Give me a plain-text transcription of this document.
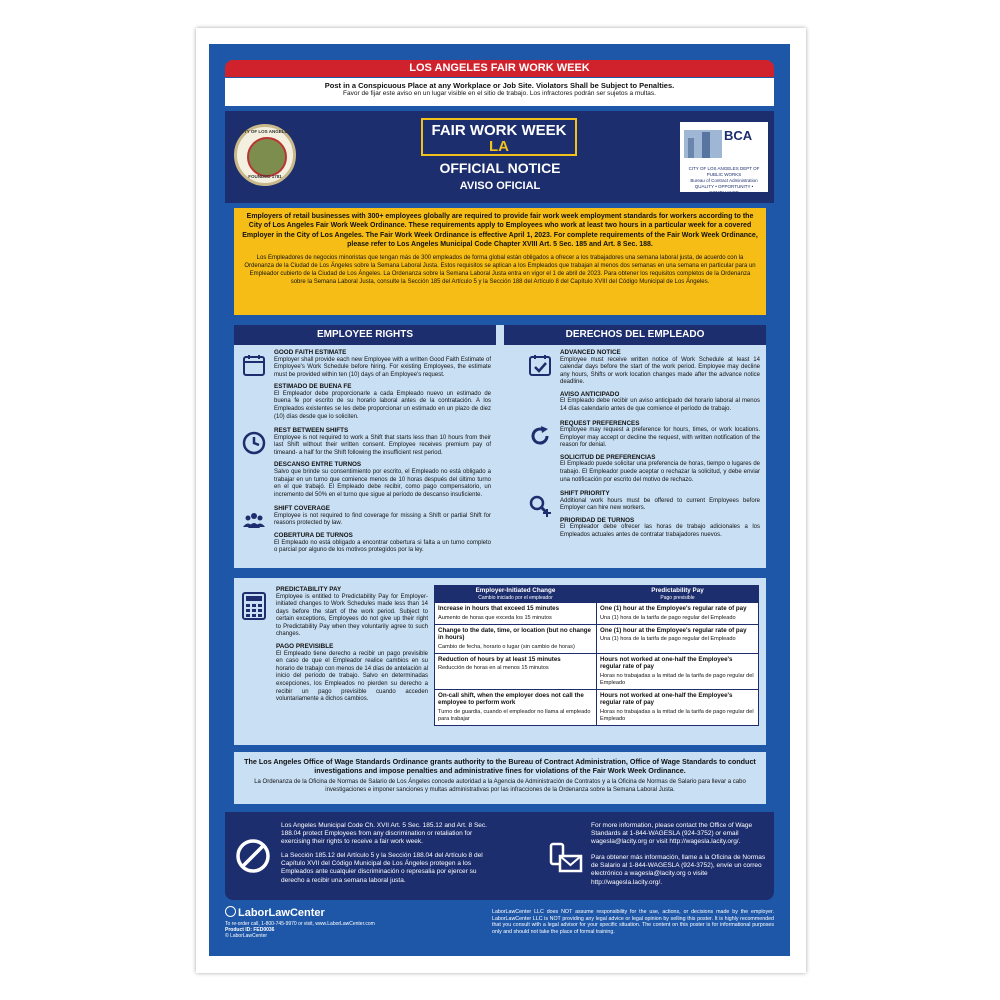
LOS ANGELES FAIR WORK WEEK
Post in a Conspicuous Place at any Workplace or Job Site. Violators Shall be Subject to Penalties.
Favor de fijar este aviso en un lugar visible en el sitio de trabajo. Los infractores podrán ser sujetos a multas.
CITY OF LOS ANGELES
FOUNDED 1781
FAIR WORK WEEK
LA
OFFICIAL NOTICE
AVISO OFICIAL
BCA
CITY OF LOS ANGELES DEPT OF PUBLIC WORKS
Bureau of Contract Administration
QUALITY • OPPORTUNITY • COMPLIANCE
Employers of retail businesses with 300+ employees globally are required to provide fair work week employment standards for workers according to the City of Los Angeles Fair Work Week Ordinance. These requirements apply to Employees who work at least two hours in a particular week for a covered Employer in the City of Los Angeles. The Fair Work Week Ordinance is effective April 1, 2023. For complete requirements of the Fair Work Week Ordinance, please refer to Los Angeles Municipal Code Chapter XVIII Art. 5 Sec. 185 and Art. 8 Sec. 188.
Los Empleadores de negocios minoristas que tengan más de 300 empleados de forma global están obligados a ofrecer a los trabajadores una semana laboral justa, de acuerdo con la Ordenanza de la Ciudad de Los Ángeles sobre la Semana Laboral Justa. Estos requisitos se aplican a los Empleados que trabajan al menos dos semanas en una semana en particular para un Empleador cubierto de la Ciudad de Los Ángeles. La Ordenanza sobre la Semana Laboral Justa entra en vigor el 1 de abril de 2023. Para obtener los requisitos completos de la Ordenanza sobre la Semana Laboral Justa, consulte la Sección 185 del Artículo 5 y la Sección 188 del Artículo 8 del Capítulo XVIII del Código Municipal de Los Ángeles.
EMPLOYEE RIGHTS	DERECHOS DEL EMPLEADO
GOOD FAITH ESTIMATE
Employer shall provide each new Employee with a written Good Faith Estimate of Employee's Work Schedule before hiring. For existing Employees, the estimate must be provided within ten (10) days of an Employee's request.
ESTIMADO DE BUENA FE
El Empleador debe proporcionarle a cada Empleado nuevo un estimado de buena fe por escrito de su horario laboral antes de la contratación. A los Empleados existentes se les debe proporcionar un estimado en un plazo de diez (10) días desde que lo soliciten.
REST BETWEEN SHIFTS
Employee is not required to work a Shift that starts less than 10 hours from their last Shift without their written consent. Employee receives premium pay of timeand- a half for the Shift following the insufficient rest period.
DESCANSO ENTRE TURNOS
Salvo que brinde su consentimiento por escrito, el Empleado no está obligado a trabajar en un turno que comience menos de 10 horas después del último turno en el que trabajó. El Empleado debe recibir, como pago compensatorio, un incremento del 50% en el turno que sigue al período de descanso insuficiente.
SHIFT COVERAGE
Employee is not required to find coverage for missing a Shift or partial Shift for reasons protected by law.
COBERTURA DE TURNOS
El Empleado no está obligado a encontrar cobertura si falta a un turno completo o parcial por alguno de los motivos protegidos por la ley.
ADVANCED NOTICE
Employee must receive written notice of Work Schedule at least 14 calendar days before the start of the work period. Employee may decline any hours, Shifts or work location changes made after the advance notice deadline.
AVISO ANTICIPADO
El Empleado debe recibir un aviso anticipado del horario laboral al menos 14 días calendario antes de que comience el período de trabajo.
REQUEST PREFERENCES
Employee may request a preference for hours, times, or work locations. Employer may accept or decline the request, with written notification of the reason for denial.
SOLICITUD DE PREFERENCIAS
El Empleado puede solicitar una preferencia de horas, tiempo o lugares de trabajo. El Empleador puede aceptar o rechazar la solicitud, y debe enviar una notificación por escrito del motivo de rechazo.
SHIFT PRIORITY
Additional work hours must be offered to current Employees before Employer can hire new workers.
PRIORIDAD DE TURNOS
El Empleador debe ofrecer las horas de trabajo adicionales a los Empleados actuales antes de contratar trabajadores nuevos.
PREDICTABILITY PAY
Employee is entitled to Predictability Pay for Employer-initiated changes to Work Schedules made less than 14 days before the start of the work period. Subject to certain exceptions, Employees do not give up their right to Predictability Pay when they voluntarily agree to such changes.
PAGO PREVISIBLE
El Empleado tiene derecho a recibir un pago previsible en caso de que el Empleador realice cambios en su horario de trabajo con menos de 14 días de antelación al inicio del período de trabajo. Salvo en determinadas excepciones, los Empleados no pierden su derecho a recibir un pago previsible cuando acceden voluntariamente a dichos cambios.
Employer-Initiated Change
Cambio iniciado por el empleador	Predictability Pay
Pago previsible

Increase in hours that exceed 15 minutes
Aumento de horas que exceda los 15 minutos	One (1) hour at the Employee's regular rate of pay
Una (1) hora de la tarifa de pago regular del Empleado

Change to the date, time, or location (but no change in hours)
Cambio de fecha, horario o lugar (sin cambio de horas)	One (1) hour at the Employee's regular rate of pay
Una (1) hora de la tarifa de pago regular del Empleado

Reduction of hours by at least 15 minutes
Reducción de horas en al menos 15 minutos	Hours not worked at one-half the Employee's regular rate of pay
Horas no trabajadas a la mitad de la tarifa de pago regular del Empleado

On-call shift, when the employer does not call the employee to perform work
Turno de guardia, cuando el empleador no llama al empleado para trabajar	Hours not worked at one-half the Employee's regular rate of pay
Horas no trabajadas a la mitad de la tarifa de pago regular del Empleado
The Los Angeles Office of Wage Standards Ordinance grants authority to the Bureau of Contract Administration, Office of Wage Standards to conduct investigations and impose penalties and administrative fines for violations of the Fair Work Week Ordinance.
La Ordenanza de la Oficina de Normas de Salario de Los Ángeles concede autoridad a la Agencia de Administración de Contratos y a la Oficina de Normas de Salario para llevar a cabo investigaciones e imponer sanciones y multas administrativas por las infracciones de la Ordenanza sobre la Semana Laboral Justa.
Los Angeles Municipal Code Ch. XVII Art. 5 Sec. 185.12 and Art. 8 Sec. 188.04 protect Employees from any discrimination or retaliation for exercising their rights to receive a fair work week.
La Sección 185.12 del Artículo 5 y la Sección 188.04 del Artículo 8 del Capítulo XVII del Código Municipal de Los Ángeles protegen a los Empleados ante cualquier discriminación o represalia por ejercer su derecho a recibir una semana laboral justa.
For more information, please contact the Office of Wage Standards at 1-844-WAGESLA (924-3752) or email wagesla@lacity.org or visit http://wagesla.lacity.org/.
Para obtener más información, llame a la Oficina de Normas de Salario al 1-844-WAGESLA (924-3752), envíe un correo electrónico a wagesla@lacity.org o visite http://wagesla.lacity.org/.
LaborLawCenter
To re-order call, 1-800-745-9970 or visit, www.LaborLawCenter.com
Product ID: FED0036
© LaborLawCenter
LaborLawCenter LLC does NOT assume responsibility for the use, actions, or decisions made by the employer. LaborLawCenter LLC is NOT providing any legal advice or legal opinion by selling this poster. It is highly recommended that you consult with a legal advisor for your specific situation. The content on this poster is for informational purposes only and should not take the place of formal training.
